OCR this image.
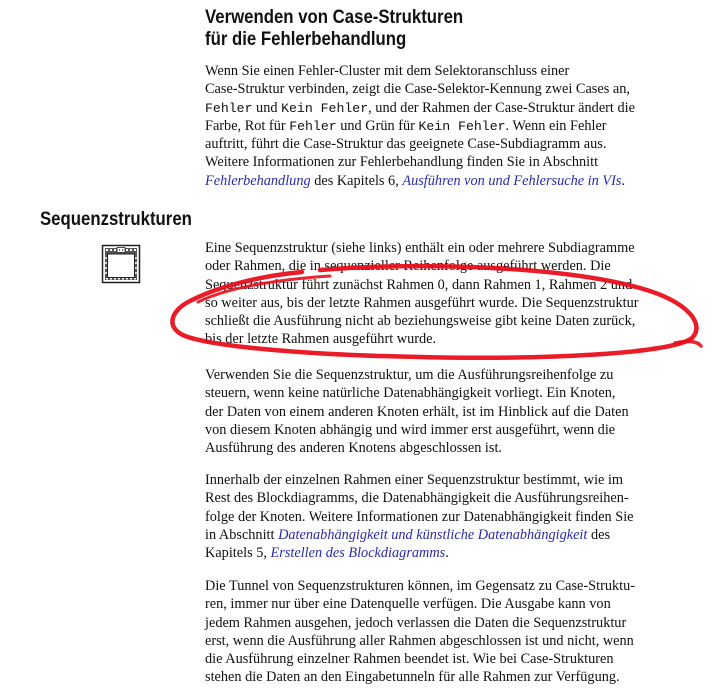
Verwenden von Case-Strukturen
für die Fehlerbehandlung
Wenn Sie einen Fehler-Cluster mit dem Selektoranschluss einer
Case-Struktur verbinden, zeigt die Case-Selektor-Kennung zwei Cases an,
Fehler und Kein Fehler, und der Rahmen der Case-Struktur ändert die
Farbe, Rot für Fehler und Grün für Kein Fehler. Wenn ein Fehler
auftritt, führt die Case-Struktur das geeignete Case-Subdiagramm aus.
Weitere Informationen zur Fehlerbehandlung finden Sie in Abschnitt
Fehlerbehandlung des Kapitels 6, Ausführen von und Fehlersuche in VIs.
Sequenzstrukturen
Eine Sequenzstruktur (siehe links) enthält ein oder mehrere Subdiagramme
oder Rahmen, die in sequenzieller Reihenfolge ausgeführt werden. Die
Sequenzstruktur führt zunächst Rahmen 0, dann Rahmen 1, Rahmen 2 und
so weiter aus, bis der letzte Rahmen ausgeführt wurde. Die Sequenzstruktur
schließt die Ausführung nicht ab beziehungsweise gibt keine Daten zurück,
bis der letzte Rahmen ausgeführt wurde.
Verwenden Sie die Sequenzstruktur, um die Ausführungsreihenfolge zu
steuern, wenn keine natürliche Datenabhängigkeit vorliegt. Ein Knoten,
der Daten von einem anderen Knoten erhält, ist im Hinblick auf die Daten
von diesem Knoten abhängig und wird immer erst ausgeführt, wenn die
Ausführung des anderen Knotens abgeschlossen ist.
Innerhalb der einzelnen Rahmen einer Sequenzstruktur bestimmt, wie im
Rest des Blockdiagramms, die Datenabhängigkeit die Ausführungsreihen-
folge der Knoten. Weitere Informationen zur Datenabhängigkeit finden Sie
in Abschnitt Datenabhängigkeit und künstliche Datenabhängigkeit des
Kapitels 5, Erstellen des Blockdiagramms.
Die Tunnel von Sequenzstrukturen können, im Gegensatz zu Case-Struktu-
ren, immer nur über eine Datenquelle verfügen. Die Ausgabe kann von
jedem Rahmen ausgehen, jedoch verlassen die Daten die Sequenzstruktur
erst, wenn die Ausführung aller Rahmen abgeschlossen ist und nicht, wenn
die Ausführung einzelner Rahmen beendet ist. Wie bei Case-Strukturen
stehen die Daten an den Eingabetunneln für alle Rahmen zur Verfügung.
